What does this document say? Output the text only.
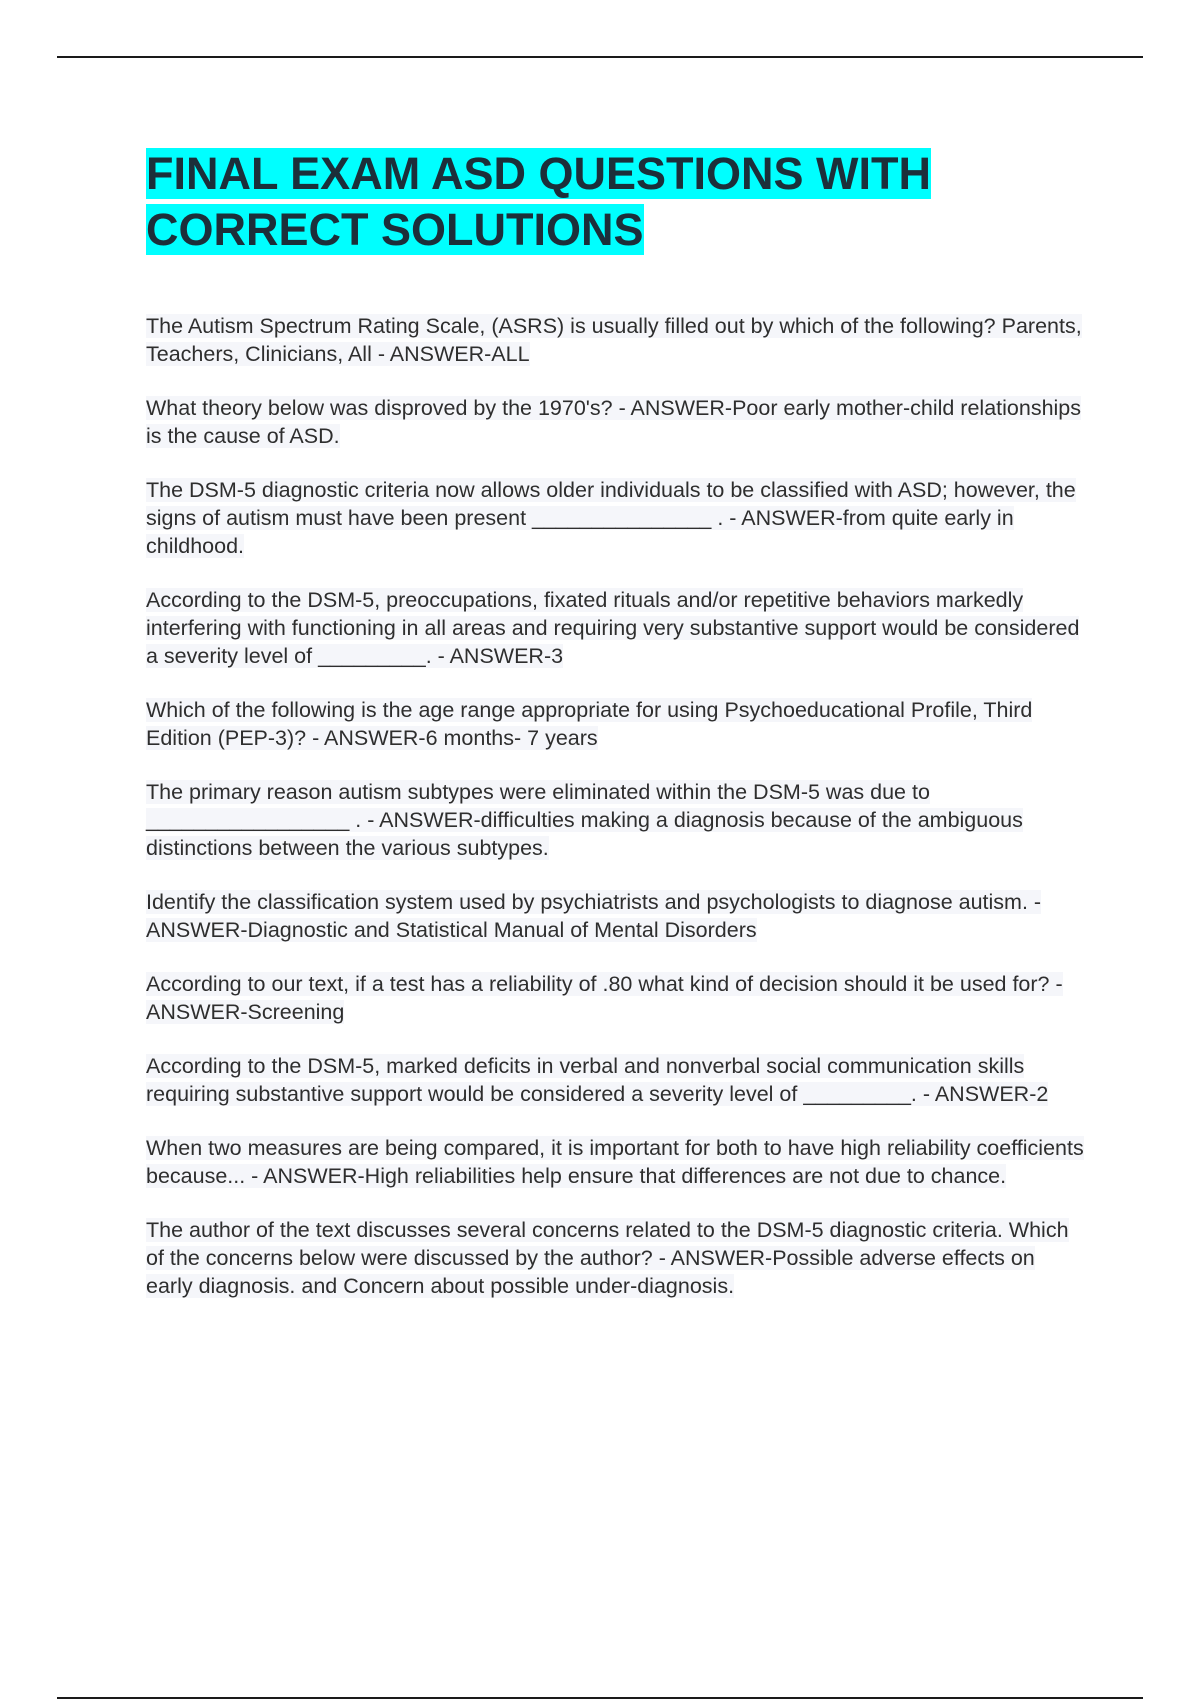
FINAL EXAM ASD QUESTIONS WITH CORRECT SOLUTIONS

The Autism Spectrum Rating Scale, (ASRS) is usually filled out by which of the following? Parents, Teachers, Clinicians, All - ANSWER-ALL

What theory below was disproved by the 1970's? - ANSWER-Poor early mother-child relationships is the cause of ASD.

The DSM-5 diagnostic criteria now allows older individuals to be classified with ASD; however, the signs of autism must have been present _______________ . - ANSWER-from quite early in childhood.

According to the DSM-5, preoccupations, fixated rituals and/or repetitive behaviors markedly interfering with functioning in all areas and requiring very substantive support would be considered a severity level of _________. - ANSWER-3

Which of the following is the age range appropriate for using Psychoeducational Profile, Third Edition (PEP-3)? - ANSWER-6 months- 7 years

The primary reason autism subtypes were eliminated within the DSM-5 was due to _________________ . - ANSWER-difficulties making a diagnosis because of the ambiguous distinctions between the various subtypes.

Identify the classification system used by psychiatrists and psychologists to diagnose autism. - ANSWER-Diagnostic and Statistical Manual of Mental Disorders

According to our text, if a test has a reliability of .80 what kind of decision should it be used for? - ANSWER-Screening

According to the DSM-5, marked deficits in verbal and nonverbal social communication skills requiring substantive support would be considered a severity level of _________. - ANSWER-2

When two measures are being compared, it is important for both to have high reliability coefficients because... - ANSWER-High reliabilities help ensure that differences are not due to chance.

The author of the text discusses several concerns related to the DSM-5 diagnostic criteria. Which of the concerns below were discussed by the author? - ANSWER-Possible adverse effects on early diagnosis. and Concern about possible under-diagnosis.
